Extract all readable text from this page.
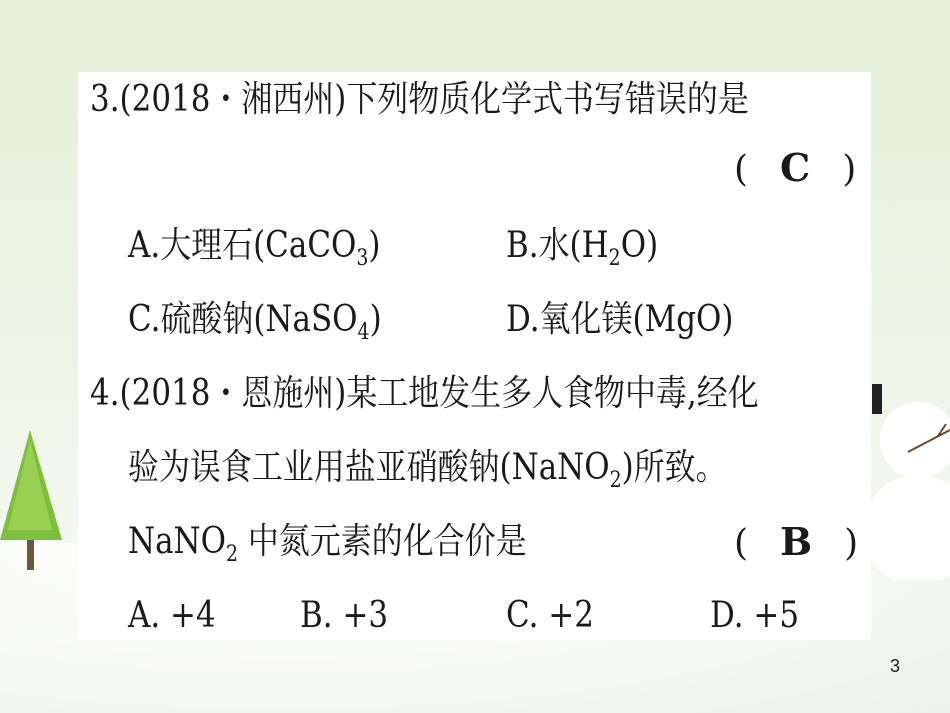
3.(2018・湘西州)下列物质化学式书写错误的是
( C )
A.大理石(CaCO$_3$)	B.水$(H_2O)$
C.硫酸钠(NaSO$_4$)	D.氧化镁(MgO)
4.(2018・恩施州)某工地发生多人食物中毒,经化
验为误食工业用盐亚硝酸钠(NaNO$_2$)所致。
NaNO$_2$ 中氮元素的化合价是	( B )
A. +4 B. +3	C. +2	D. +5
3
